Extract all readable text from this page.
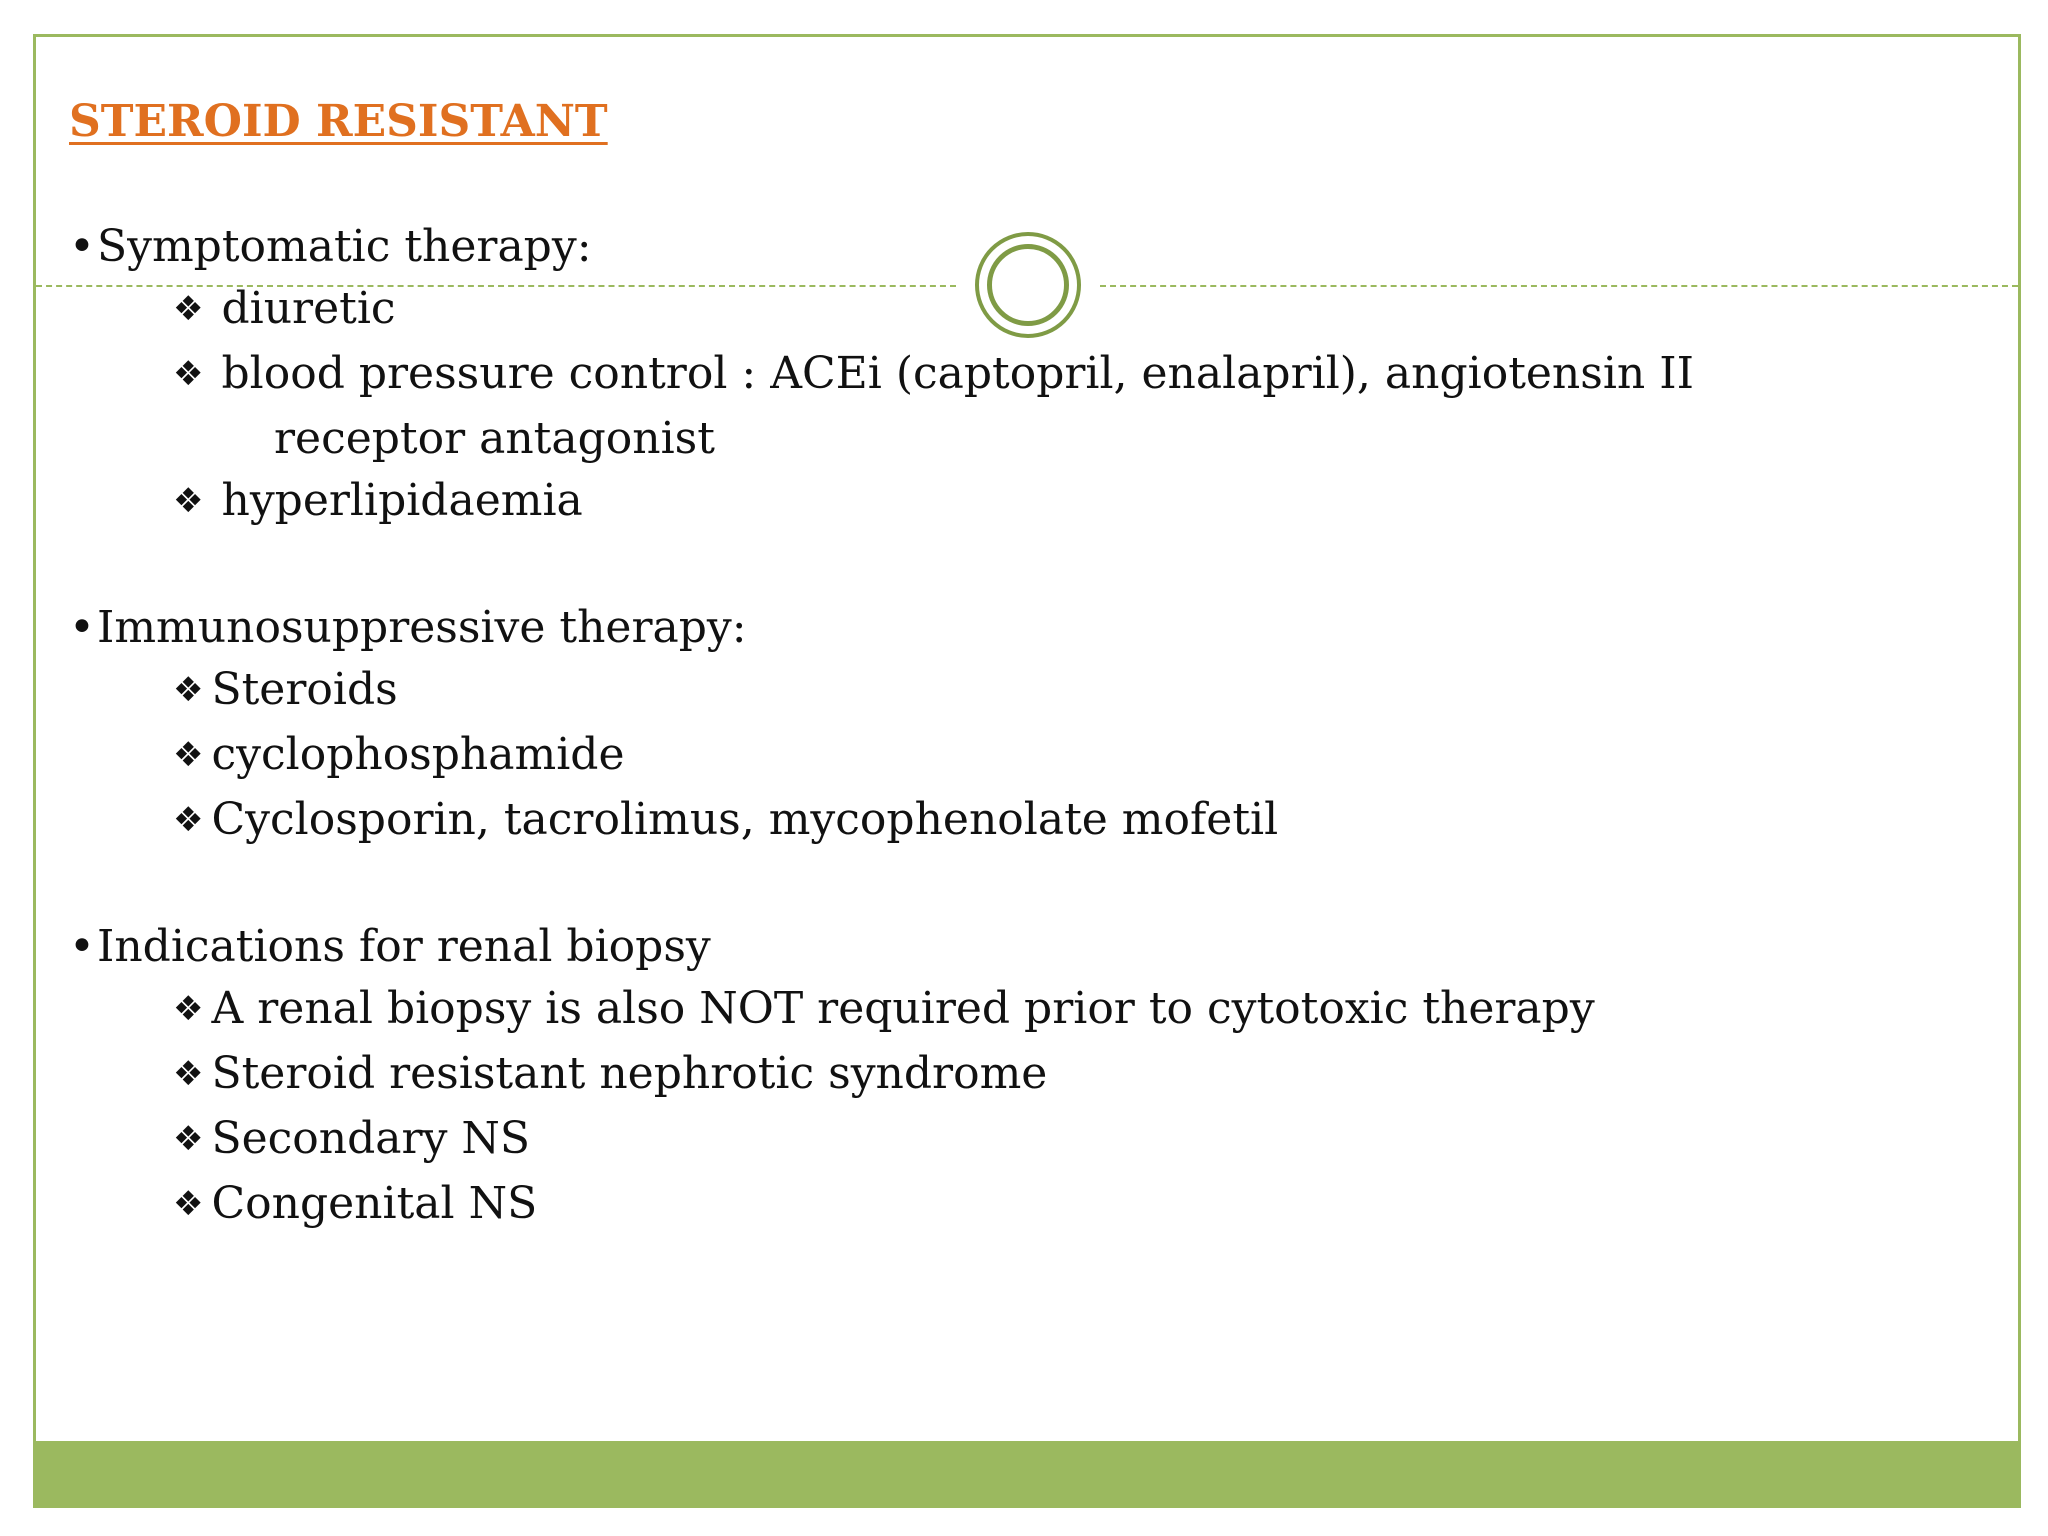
STEROID RESISTANT
•Symptomatic therapy:
❖ diuretic
❖ blood pressure control : ACEi (captopril, enalapril), angiotensin II
receptor antagonist
❖ hyperlipidaemia
•Immunosuppressive therapy:
❖ Steroids
❖ cyclophosphamide
❖ Cyclosporin, tacrolimus, mycophenolate mofetil
•Indications for renal biopsy
❖ A renal biopsy is also NOT required prior to cytotoxic therapy
❖ Steroid resistant nephrotic syndrome
❖ Secondary NS
❖ Congenital NS
